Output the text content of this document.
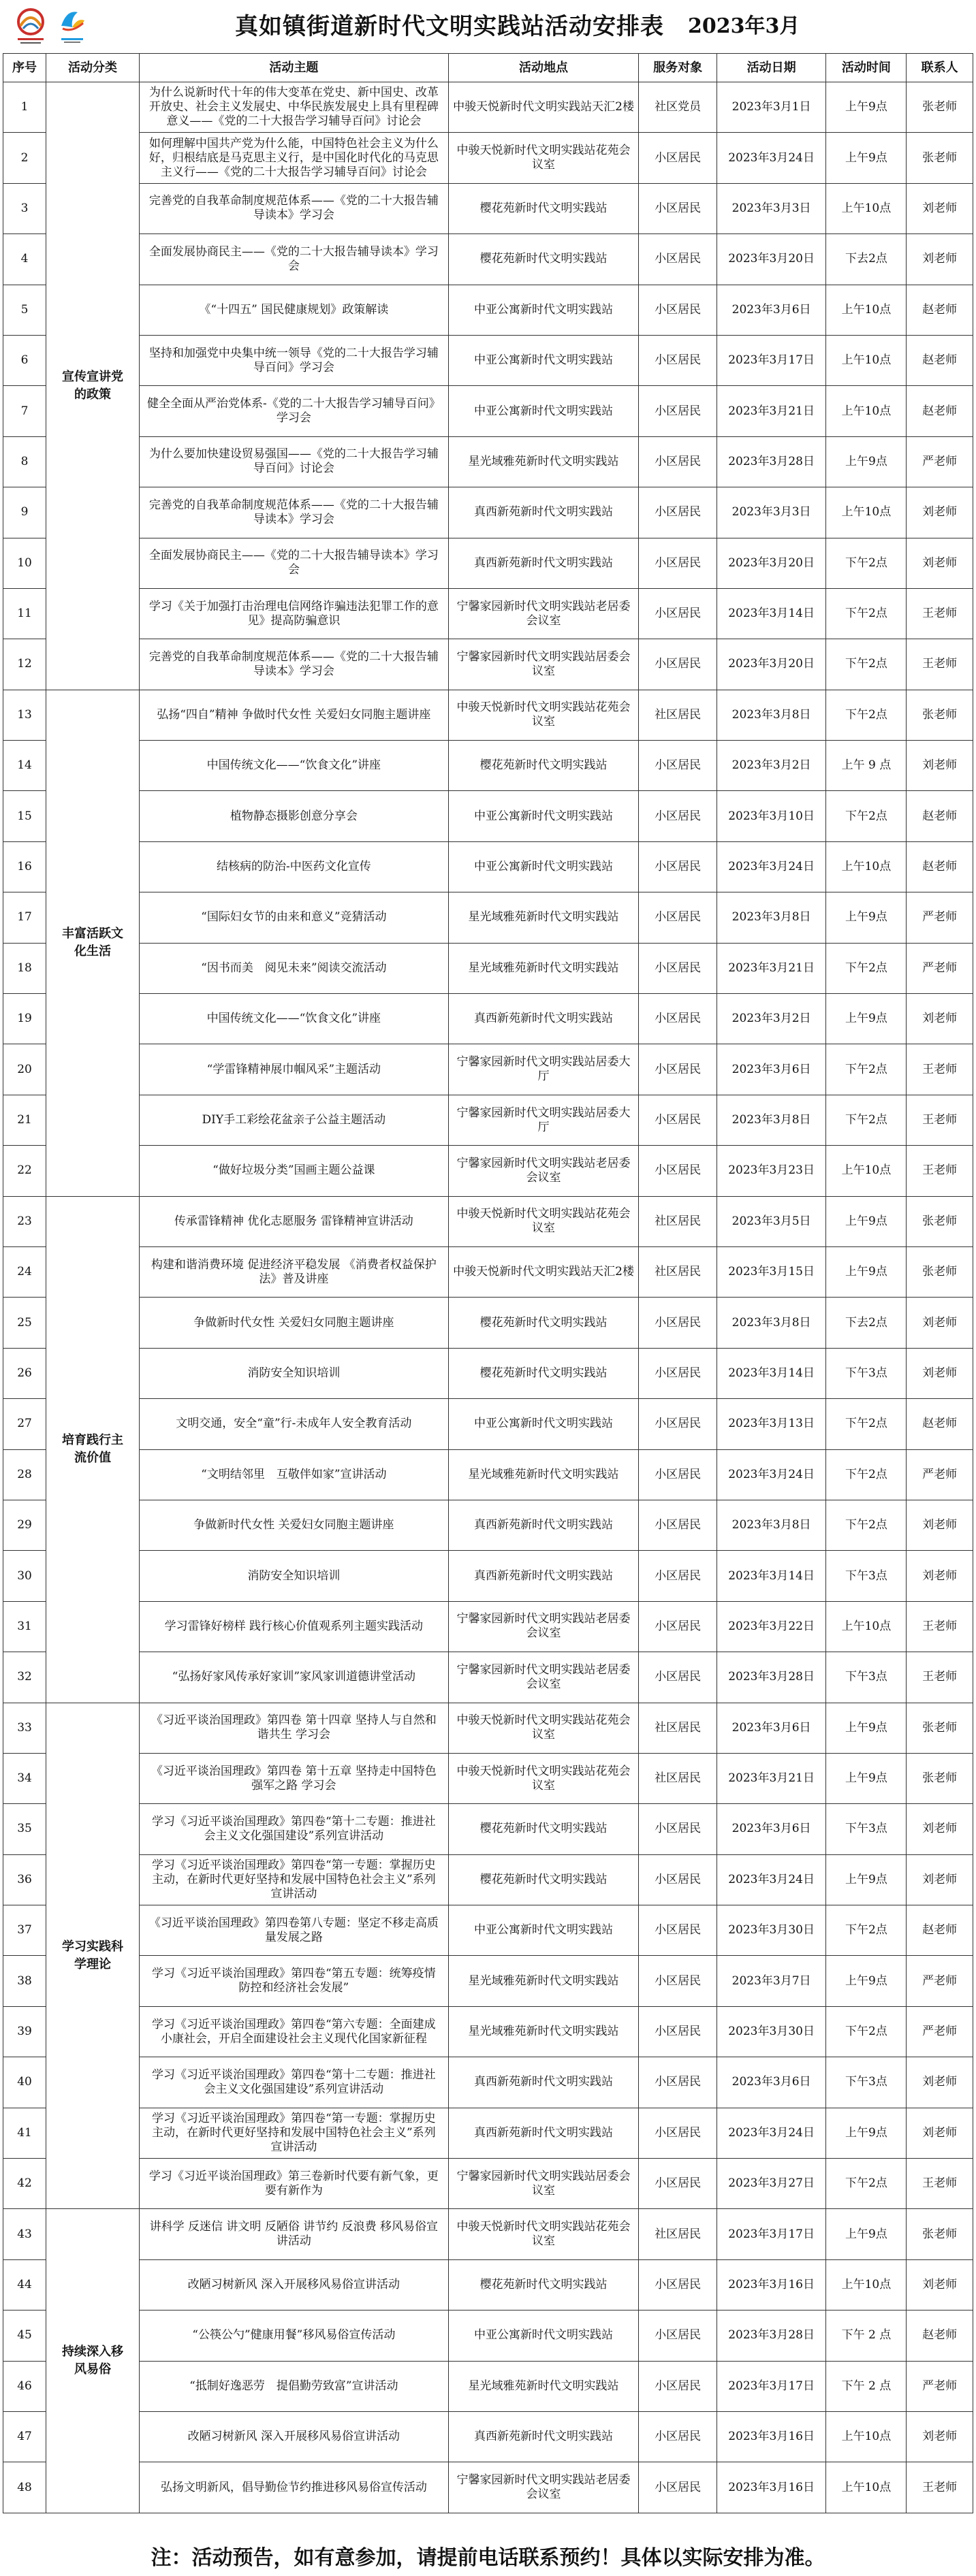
真如镇街道新时代文明实践站活动安排表	2023年3月
序号	活动分类	活动主题	活动地点	服务对象	活动日期	活动时间	联系人
1	宣传宣讲党的政策	为什么说新时代十年的伟大变革在党史、新中国史、改革开放史、社会主义发展史、中华民族发展史上具有里程碑意义——《党的二十大报告学习辅导百问》讨论会	中骏天悦新时代文明实践站天汇2楼	社区党员	2023年3月1日	上午9点	张老师
2		如何理解中国共产党为什么能，中国特色社会主义为什么好，归根结底是马克思主义行，是中国化时代化的马克思主义行——《党的二十大报告学习辅导百问》讨论会	中骏天悦新时代文明实践站花苑会议室	小区居民	2023年3月24日	上午9点	张老师
3		完善党的自我革命制度规范体系——《党的二十大报告辅导读本》学习会	樱花苑新时代文明实践站	小区居民	2023年3月3日	上午10点	刘老师
4		全面发展协商民主——《党的二十大报告辅导读本》学习会	樱花苑新时代文明实践站	小区居民	2023年3月20日	下去2点	刘老师
5		《“十四五” 国民健康规划》政策解读	中亚公寓新时代文明实践站	小区居民	2023年3月6日	上午10点	赵老师
6		坚持和加强党中央集中统一领导《党的二十大报告学习辅导百问》学习会	中亚公寓新时代文明实践站	小区居民	2023年3月17日	上午10点	赵老师
7		健全全面从严治党体系-《党的二十大报告学习辅导百问》学习会	中亚公寓新时代文明实践站	小区居民	2023年3月21日	上午10点	赵老师
8		为什么要加快建设贸易强国——《党的二十大报告学习辅导百问》讨论会	星光域雅苑新时代文明实践站	小区居民	2023年3月28日	上午9点	严老师
9		完善党的自我革命制度规范体系——《党的二十大报告辅导读本》学习会	真西新苑新时代文明实践站	小区居民	2023年3月3日	上午10点	刘老师
10		全面发展协商民主——《党的二十大报告辅导读本》学习会	真西新苑新时代文明实践站	小区居民	2023年3月20日	下午2点	刘老师
11		学习《关于加强打击治理电信网络诈骗违法犯罪工作的意见》提高防骗意识	宁馨家园新时代文明实践站老居委会议室	小区居民	2023年3月14日	下午2点	王老师
12		完善党的自我革命制度规范体系——《党的二十大报告辅导读本》学习会	宁馨家园新时代文明实践站居委会议室	小区居民	2023年3月20日	下午2点	王老师
13	丰富活跃文化生活	弘扬“四自”精神 争做时代女性 关爱妇女同胞主题讲座	中骏天悦新时代文明实践站花苑会议室	社区居民	2023年3月8日	下午2点	张老师
14		中国传统文化——“饮食文化”讲座	樱花苑新时代文明实践站	小区居民	2023年3月2日	上午 9 点	刘老师
15		植物静态摄影创意分享会	中亚公寓新时代文明实践站	小区居民	2023年3月10日	下午2点	赵老师
16		结核病的防治-中医药文化宣传	中亚公寓新时代文明实践站	小区居民	2023年3月24日	上午10点	赵老师
17		“国际妇女节的由来和意义”竞猜活动	星光域雅苑新时代文明实践站	小区居民	2023年3月8日	上午9点	严老师
18		“因书而美　阅见未来”阅读交流活动	星光域雅苑新时代文明实践站	小区居民	2023年3月21日	下午2点	严老师
19		中国传统文化——“饮食文化”讲座	真西新苑新时代文明实践站	小区居民	2023年3月2日	上午9点	刘老师
20		“学雷锋精神展巾帼风采”主题活动	宁馨家园新时代文明实践站居委大厅	小区居民	2023年3月6日	下午2点	王老师
21		DIY手工彩绘花盆亲子公益主题活动	宁馨家园新时代文明实践站居委大厅	小区居民	2023年3月8日	下午2点	王老师
22		“做好垃圾分类”国画主题公益课	宁馨家园新时代文明实践站老居委会议室	小区居民	2023年3月23日	上午10点	王老师
23	培育践行主流价值	传承雷锋精神 优化志愿服务 雷锋精神宣讲活动	中骏天悦新时代文明实践站花苑会议室	社区居民	2023年3月5日	上午9点	张老师
24		构建和谐消费环境 促进经济平稳发展 《消费者权益保护法》普及讲座	中骏天悦新时代文明实践站天汇2楼	社区居民	2023年3月15日	上午9点	张老师
25		争做新时代女性 关爱妇女同胞主题讲座	樱花苑新时代文明实践站	小区居民	2023年3月8日	下去2点	刘老师
26		消防安全知识培训	樱花苑新时代文明实践站	小区居民	2023年3月14日	下午3点	刘老师
27		文明交通，安全“童”行-未成年人安全教育活动	中亚公寓新时代文明实践站	小区居民	2023年3月13日	下午2点	赵老师
28		“文明结邻里　互敬伴如家”宣讲活动	星光域雅苑新时代文明实践站	小区居民	2023年3月24日	下午2点	严老师
29		争做新时代女性 关爱妇女同胞主题讲座	真西新苑新时代文明实践站	小区居民	2023年3月8日	下午2点	刘老师
30		消防安全知识培训	真西新苑新时代文明实践站	小区居民	2023年3月14日	下午3点	刘老师
31		学习雷锋好榜样 践行核心价值观系列主题实践活动	宁馨家园新时代文明实践站老居委会议室	小区居民	2023年3月22日	上午10点	王老师
32		“弘扬好家风传承好家训”家风家训道德讲堂活动	宁馨家园新时代文明实践站老居委会议室	小区居民	2023年3月28日	下午3点	王老师
33	学习实践科学理论	《习近平谈治国理政》第四卷 第十四章 坚持人与自然和谐共生 学习会	中骏天悦新时代文明实践站花苑会议室	社区居民	2023年3月6日	上午9点	张老师
34		《习近平谈治国理政》第四卷 第十五章 坚持走中国特色强军之路 学习会	中骏天悦新时代文明实践站花苑会议室	社区居民	2023年3月21日	上午9点	张老师
35		学习《习近平谈治国理政》第四卷“第十二专题：推进社会主义文化强国建设”系列宣讲活动	樱花苑新时代文明实践站	小区居民	2023年3月6日	下午3点	刘老师
36		学习《习近平谈治国理政》第四卷“第一专题：掌握历史主动，在新时代更好坚持和发展中国特色社会主义”系列宣讲活动	樱花苑新时代文明实践站	小区居民	2023年3月24日	上午9点	刘老师
37		《习近平谈治国理政》第四卷第八专题：坚定不移走高质量发展之路	中亚公寓新时代文明实践站	小区居民	2023年3月30日	下午2点	赵老师
38		学习《习近平谈治国理政》第四卷“第五专题：统筹疫情防控和经济社会发展”	星光域雅苑新时代文明实践站	小区居民	2023年3月7日	上午9点	严老师
39		学习《习近平谈治国理政》第四卷“第六专题：全面建成小康社会，开启全面建设社会主义现代化国家新征程	星光域雅苑新时代文明实践站	小区居民	2023年3月30日	下午2点	严老师
40		学习《习近平谈治国理政》第四卷“第十二专题：推进社会主义文化强国建设”系列宣讲活动	真西新苑新时代文明实践站	小区居民	2023年3月6日	下午3点	刘老师
41		学习《习近平谈治国理政》第四卷“第一专题：掌握历史主动，在新时代更好坚持和发展中国特色社会主义”系列宣讲活动	真西新苑新时代文明实践站	小区居民	2023年3月24日	上午9点	刘老师
42		学习《习近平谈治国理政》第三卷新时代要有新气象，更要有新作为	宁馨家园新时代文明实践站居委会议室	小区居民	2023年3月27日	下午2点	王老师
43	持续深入移风易俗	讲科学 反迷信 讲文明 反陋俗 讲节约 反浪费 移风易俗宣讲活动	中骏天悦新时代文明实践站花苑会议室	社区居民	2023年3月17日	上午9点	张老师
44		改陋习树新风 深入开展移风易俗宣讲活动	樱花苑新时代文明实践站	小区居民	2023年3月16日	上午10点	刘老师
45		“公筷公勺”健康用餐”移风易俗宣传活动	中亚公寓新时代文明实践站	小区居民	2023年3月28日	下午 2 点	赵老师
46		“抵制好逸恶劳　提倡勤劳致富”宣讲活动	星光域雅苑新时代文明实践站	小区居民	2023年3月17日	下午 2 点	严老师
47		改陋习树新风 深入开展移风易俗宣讲活动	真西新苑新时代文明实践站	小区居民	2023年3月16日	上午10点	刘老师
48		弘扬文明新风，倡导勤俭节约推进移风易俗宣传活动	宁馨家园新时代文明实践站老居委会议室	小区居民	2023年3月16日	上午10点	王老师
注：活动预告，如有意参加，请提前电话联系预约！具体以实际安排为准。
